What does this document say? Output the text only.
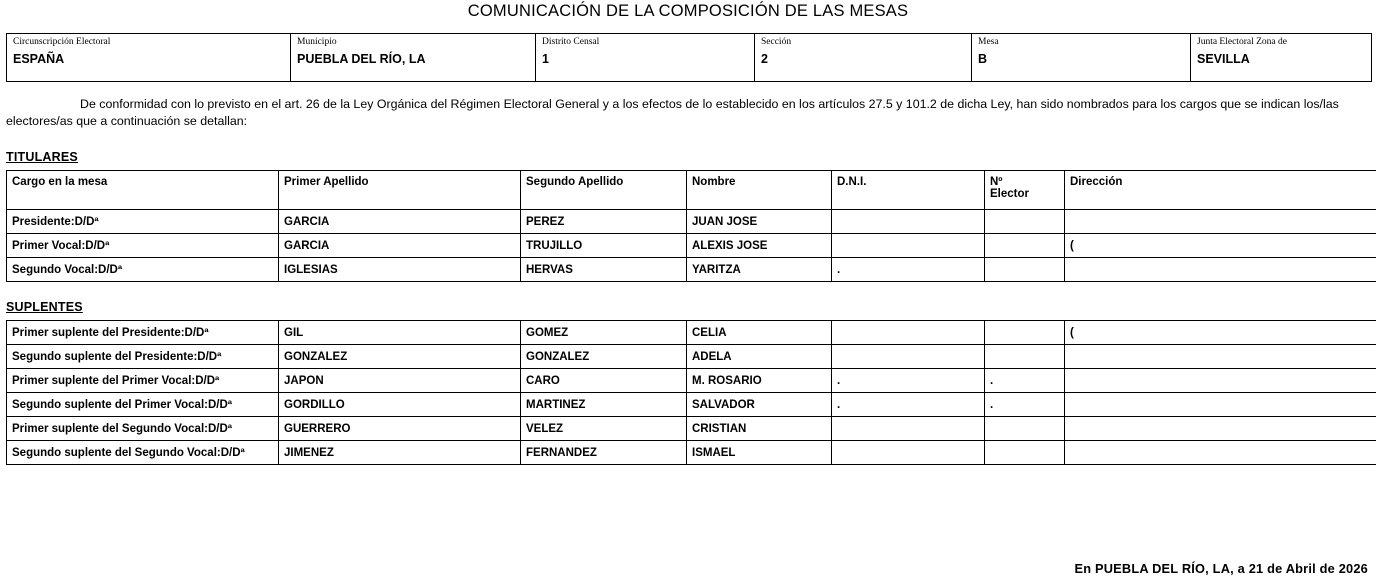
COMUNICACIÓN DE LA COMPOSICIÓN DE LAS MESAS
Circunscripción Electoral
ESPAÑA

Municipio
PUEBLA DEL RÍO, LA

Distrito Censal
1

Sección
2

Mesa
B

Junta Electoral Zona de
SEVILLA
De conformidad con lo previsto en el art. 26 de la Ley Orgánica del Régimen Electoral General y a los efectos de lo establecido en los artículos 27.5 y 101.2 de dicha Ley, han sido nombrados para los cargos que se indican los/las electores/as que a continuación se detallan:
TITULARES
Cargo en la mesa	Primer Apellido	Segundo Apellido	Nombre	D.N.I.	Nº
Elector	Dirección
Presidente:D/Dª	GARCIA	PEREZ	JUAN JOSE			
Primer Vocal:D/Dª	GARCIA	TRUJILLO	ALEXIS JOSE			(
Segundo Vocal:D/Dª	IGLESIAS	HERVAS	YARITZA	.		
SUPLENTES
Primer suplente del Presidente:D/Dª	GIL	GOMEZ	CELIA			(
Segundo suplente del Presidente:D/Dª	GONZALEZ	GONZALEZ	ADELA			
Primer suplente del Primer Vocal:D/Dª	JAPON	CARO	M. ROSARIO	.	.	
Segundo suplente del Primer Vocal:D/Dª	GORDILLO	MARTINEZ	SALVADOR	.	.	
Primer suplente del Segundo Vocal:D/Dª	GUERRERO	VELEZ	CRISTIAN			
Segundo suplente del Segundo Vocal:D/Dª	JIMENEZ	FERNANDEZ	ISMAEL			
En PUEBLA DEL RÍO, LA, a 21 de Abril de 2026
